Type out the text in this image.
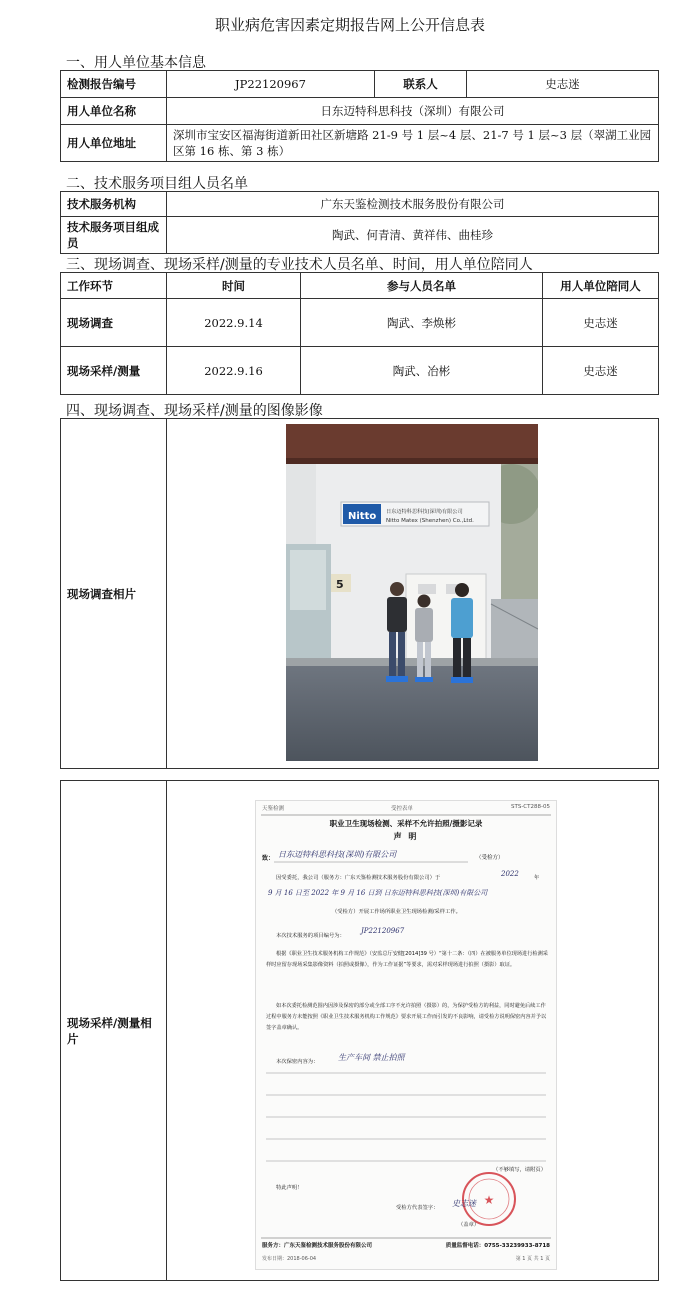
职业病危害因素定期报告网上公开信息表
一、用人单位基本信息
检测报告编号	JP22120967	联系人	史志迷
用人单位名称	日东迈特科思科技（深圳）有限公司		
用人单位地址	深圳市宝安区福海街道新田社区新塘路 21-9 号 1 层~4 层、21-7 号 1 层~3 层（翠湖工业园区第 16 栋、第 3 栋）		
二、技术服务项目组人员名单
技术服务机构	广东天鉴检测技术服务股份有限公司
技术服务项目组成员	陶武、何青清、黄祥伟、曲桂珍
三、现场调查、现场采样/测量的专业技术人员名单、时间，用人单位陪同人
工作环节	时间	参与人员名单	用人单位陪同人
现场调查	2022.9.14	陶武、李焕彬	史志迷
现场采样/测量	2022.9.16	陶武、冶彬	史志迷
四、现场调查、现场采样/测量的图像影像
现场调查相片	
现场采样/测量相片	
Nitto 日东迈特科思科技(深圳)有限公司
Nitto Matex (Shenzhen) Co.,Ltd.
5
★
天鉴检测	受控表单	STS-CT288-05
职业卫生现场检测、采样不允许拍照/摄影记录
声 明
致： 日东迈特科思科技(深圳)有限公司	（受检方）
因受委托，我公司（服务方：广东天鉴检测技术服务股份有限公司）于	2022	年
9 月 16 日至 2022 年 9 月 16 日到 日东迈特科思科技(深圳)有限公司
（受检方）开展工作场所职业卫生现场检测/采样工作。
本次技术服务的项目编号为：
JP22120967
根据《职业卫生技术服务机构工作规范》（安监总厅安健[2014]39 号）“第十二条：（四）在被服务单位现场进行检测采样时应留存现场采集影像资料（拍照或摄像），作为工作证据”等要求，需对采样现场进行拍照（摄影）取证。
如本次委托检测范围内因涉及保密的部分或全部工序不允许拍照（摄影）的，为保护受检方的利益，同时避免后续工作过程中服务方未能按照《职业卫生技术服务机构工作规范》要求开展工作而引发的不良影响，请受检方说明保密内容并予以签字盖章确认。
本次保密内容为： 生产车间 禁止拍照
（不够填写，请附页）
特此声明！
受检方代表签字： 史志迷
（盖章）
服务方：广东天鉴检测技术服务股份有限公司	质量监督电话：0755-33239933-8718
发布日期：2018-06-04	第 1 页 共 1 页
